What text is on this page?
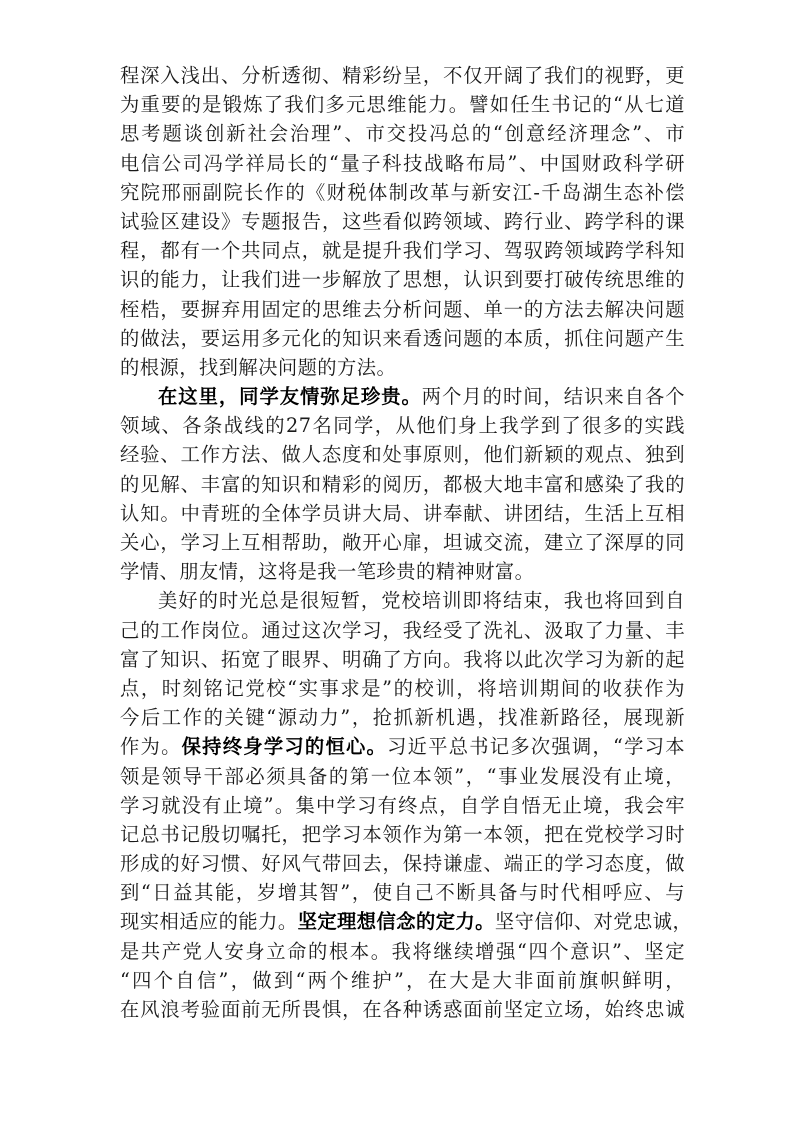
程深入浅出、分析透彻、精彩纷呈，不仅开阔了我们的视野，更
为重要的是锻炼了我们多元思维能力。譬如任生书记的“从七道
思考题谈创新社会治理”、市交投冯总的“创意经济理念”、市
电信公司冯学祥局长的“量子科技战略布局”、中国财政科学研
究院邢丽副院长作的《财税体制改革与新安江-千岛湖生态补偿
试验区建设》专题报告，这些看似跨领域、跨行业、跨学科的课
程，都有一个共同点，就是提升我们学习、驾驭跨领域跨学科知
识的能力，让我们进一步解放了思想，认识到要打破传统思维的
桎梏，要摒弃用固定的思维去分析问题、单一的方法去解决问题
的做法，要运用多元化的知识来看透问题的本质，抓住问题产生
的根源，找到解决问题的方法。
在这里，同学友情弥足珍贵。两个月的时间，结识来自各个
领域、各条战线的27名同学，从他们身上我学到了很多的实践
经验、工作方法、做人态度和处事原则，他们新颖的观点、独到
的见解、丰富的知识和精彩的阅历，都极大地丰富和感染了我的
认知。中青班的全体学员讲大局、讲奉献、讲团结，生活上互相
关心，学习上互相帮助，敞开心扉，坦诚交流，建立了深厚的同
学情、朋友情，这将是我一笔珍贵的精神财富。
美好的时光总是很短暂，党校培训即将结束，我也将回到自
己的工作岗位。通过这次学习，我经受了洗礼、汲取了力量、丰
富了知识、拓宽了眼界、明确了方向。我将以此次学习为新的起
点，时刻铭记党校“实事求是”的校训，将培训期间的收获作为
今后工作的关键“源动力”，抢抓新机遇，找准新路径，展现新
作为。保持终身学习的恒心。习近平总书记多次强调，“学习本
领是领导干部必须具备的第一位本领”，“事业发展没有止境，
学习就没有止境”。集中学习有终点，自学自悟无止境，我会牢
记总书记殷切嘱托，把学习本领作为第一本领，把在党校学习时
形成的好习惯、好风气带回去，保持谦虚、端正的学习态度，做
到“日益其能，岁增其智”，使自己不断具备与时代相呼应、与
现实相适应的能力。坚定理想信念的定力。坚守信仰、对党忠诚，
是共产党人安身立命的根本。我将继续增强“四个意识”、坚定
“四个自信”，做到“两个维护”，在大是大非面前旗帜鲜明，
在风浪考验面前无所畏惧，在各种诱惑面前坚定立场，始终忠诚
